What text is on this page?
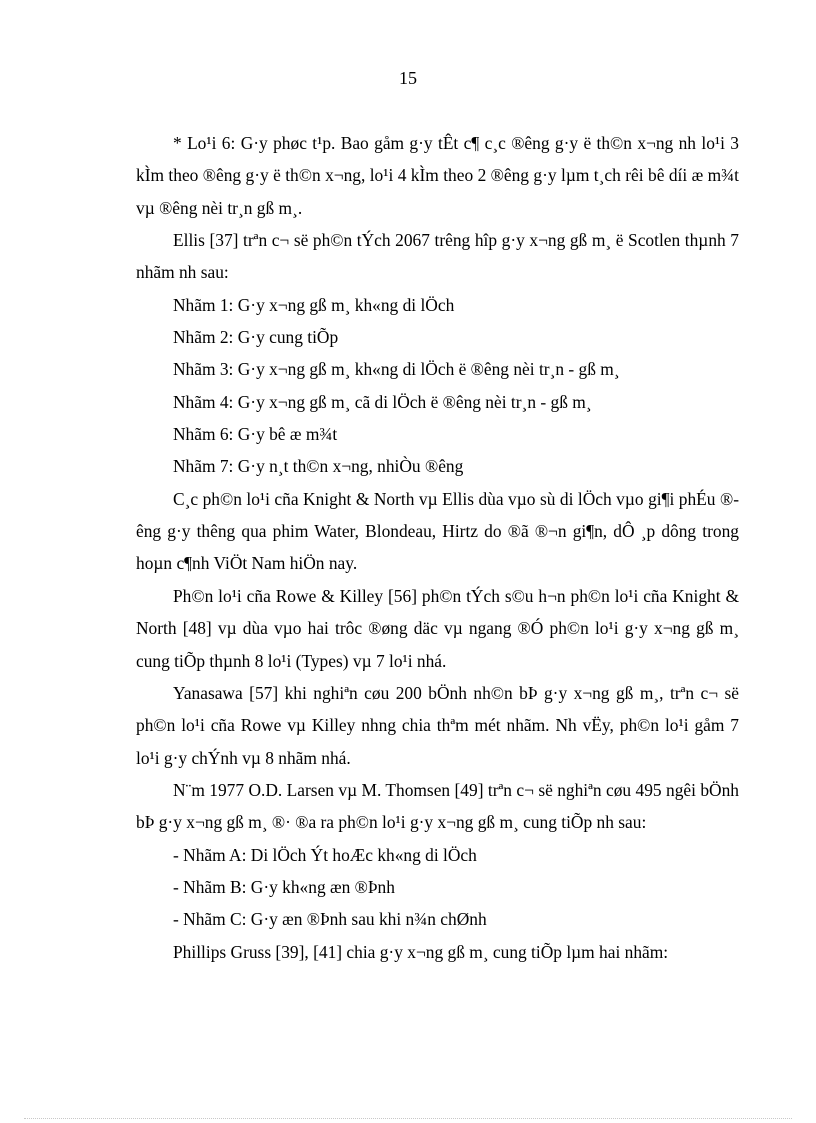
15

* Lo¹i 6: G·y phøc t¹p. Bao gåm g·y tÊt c¶ c¸c ®êng g·y ë th©n x¬ng nh lo¹i 3 kÌm theo ®êng g·y ë th©n x¬ng, lo¹i 4 kÌm theo 2 ®êng g·y lµm t¸ch rêi bê díi æ m¾t vµ ®êng nèi tr¸n gß m¸.

Ellis [37] trªn c¬ së ph©n tÝch 2067 trêng hîp g·y x¬ng gß m¸ ë Scotlen thµnh 7 nhãm nh sau:

Nhãm 1: G·y x¬ng gß m¸ kh«ng di lÖch

Nhãm 2: G·y cung tiÕp

Nhãm 3: G·y x¬ng gß m¸ kh«ng di lÖch ë ®êng nèi tr¸n - gß m¸

Nhãm 4: G·y x¬ng gß m¸ cã di lÖch ë ®êng nèi tr¸n - gß m¸

Nhãm 6: G·y bê æ m¾t

Nhãm 7: G·y n¸t th©n x¬ng, nhiÒu ®êng

C¸c ph©n lo¹i cña Knight & North vµ Ellis dùa vµo sù di lÖch vµo gi¶i phÉu ®êng g·y thêng qua phim Water, Blondeau, Hirtz do ®ã ®¬n gi¶n, dÔ ¸p dông trong hoµn c¶nh ViÖt Nam hiÖn nay.

Ph©n lo¹i cña Rowe & Killey [56] ph©n tÝch s©u h¬n ph©n lo¹i cña Knight & North [48] vµ dùa vµo hai trôc ®øng däc vµ ngang ®Ó ph©n lo¹i g·y x¬ng gß m¸ cung tiÕp thµnh 8 lo¹i (Types) vµ 7 lo¹i nhá.

Yanasawa [57] khi nghiªn cøu 200 bÖnh nh©n bÞ g·y x¬ng gß m¸, trªn c¬ së ph©n lo¹i cña Rowe vµ Killey nhng chia thªm mét nhãm. Nh vËy, ph©n lo¹i gåm 7 lo¹i g·y chÝnh vµ 8 nhãm nhá.

N¨m 1977 O.D. Larsen vµ M. Thomsen [49] trªn c¬ së nghiªn cøu 495 ngêi bÖnh bÞ g·y x¬ng gß m¸ ®· ®a ra ph©n lo¹i g·y x¬ng gß m¸ cung tiÕp nh sau:

- Nhãm A: Di lÖch Ýt hoÆc kh«ng di lÖch

- Nhãm B: G·y kh«ng æn ®Þnh

- Nhãm C: G·y æn ®Þnh sau khi n¾n chØnh

Phillips Gruss [39], [41] chia g·y x¬ng gß m¸ cung tiÕp lµm hai nhãm:
